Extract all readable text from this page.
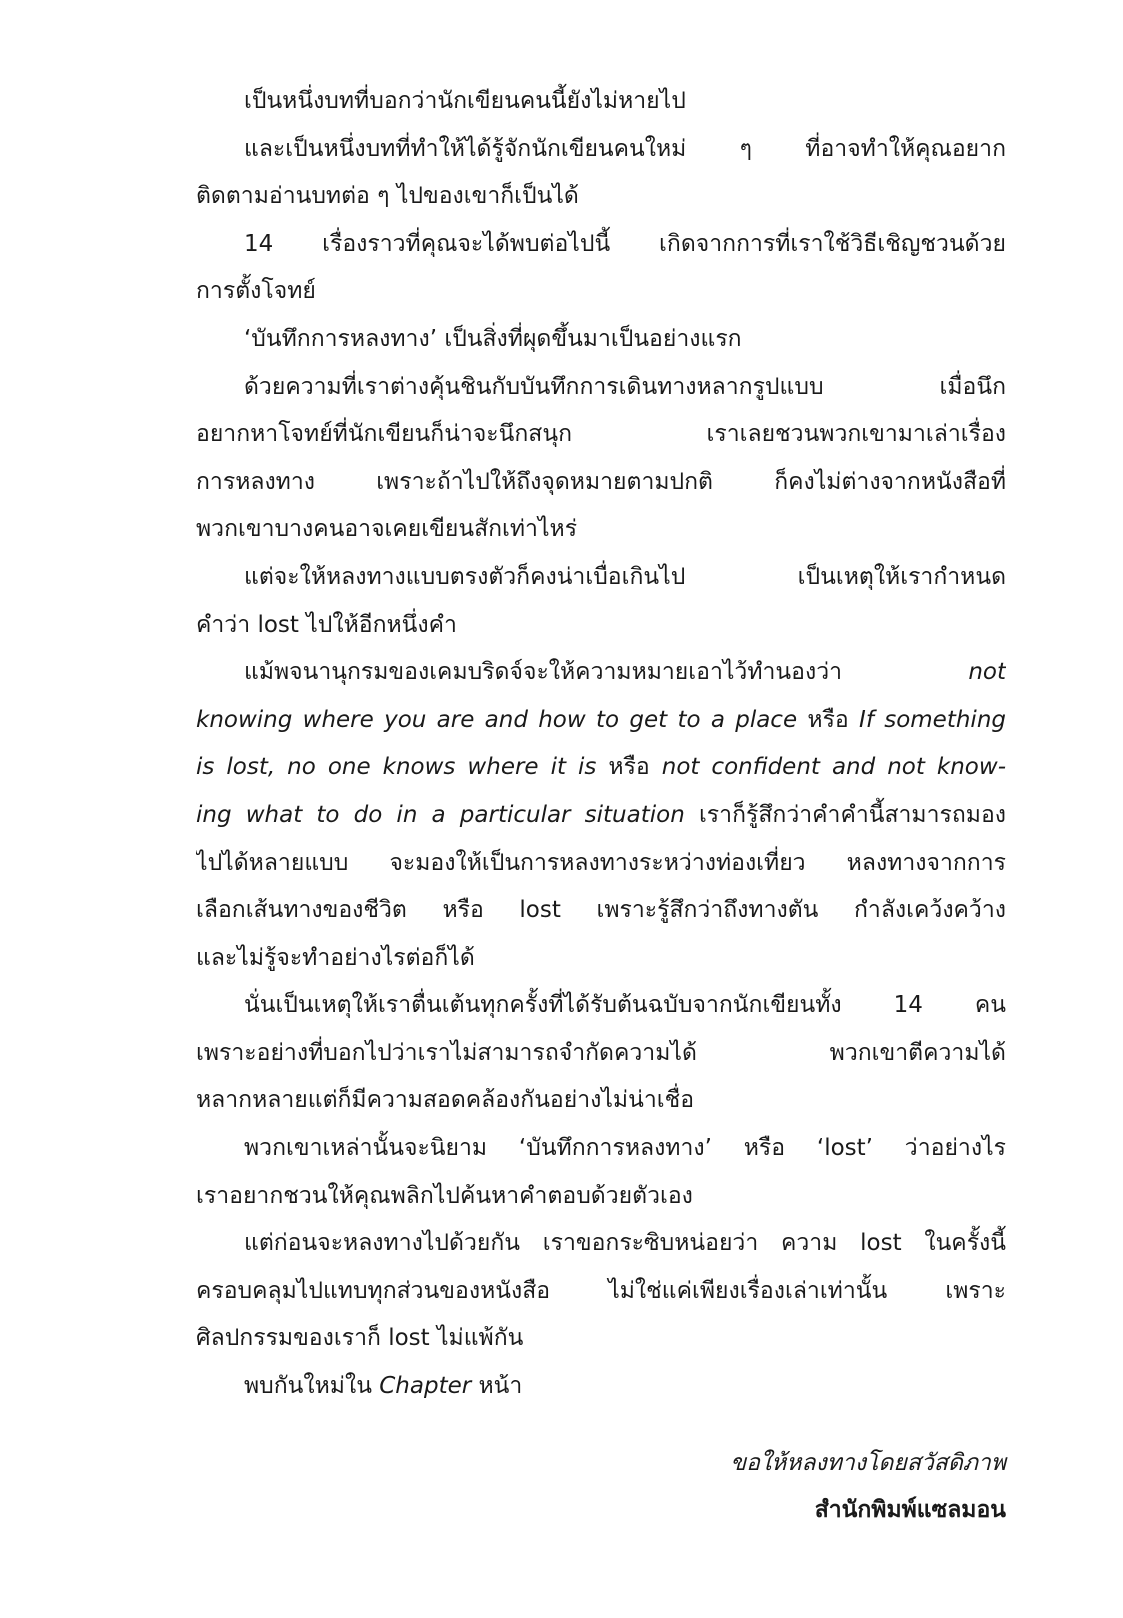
เป็นหนึ่งบทที่บอกว่านักเขียนคนนี้ยังไม่หายไป
และเป็นหนึ่งบทที่ทำให้ได้รู้จักนักเขียนคนใหม่ ๆ ที่อาจทำให้คุณอยาก
ติดตามอ่านบทต่อ ๆ ไปของเขาก็เป็นได้
14 เรื่องราวที่คุณจะได้พบต่อไปนี้ เกิดจากการที่เราใช้วิธีเชิญชวนด้วย
การตั้งโจทย์
‘บันทึกการหลงทาง’ เป็นสิ่งที่ผุดขึ้นมาเป็นอย่างแรก
ด้วยความที่เราต่างคุ้นชินกับบันทึกการเดินทางหลากรูปแบบ เมื่อนึก
อยากหาโจทย์ที่นักเขียนก็น่าจะนึกสนุก เราเลยชวนพวกเขามาเล่าเรื่อง
การหลงทาง เพราะถ้าไปให้ถึงจุดหมายตามปกติ ก็คงไม่ต่างจากหนังสือที่
พวกเขาบางคนอาจเคยเขียนสักเท่าไหร่
แต่จะให้หลงทางแบบตรงตัวก็คงน่าเบื่อเกินไป เป็นเหตุให้เรากำหนด
คำว่า lost ไปให้อีกหนึ่งคำ
แม้พจนานุกรมของเคมบริดจ์จะให้ความหมายเอาไว้ทำนองว่า not
knowing where you are and how to get to a place หรือ If something
is lost, no one knows where it is หรือ not confident and not know-
ing what to do in a particular situation เราก็รู้สึกว่าคำคำนี้สามารถมอง
ไปได้หลายแบบ จะมองให้เป็นการหลงทางระหว่างท่องเที่ยว หลงทางจากการ
เลือกเส้นทางของชีวิต หรือ lost เพราะรู้สึกว่าถึงทางตัน กำลังเคว้งคว้าง
และไม่รู้จะทำอย่างไรต่อก็ได้
นั่นเป็นเหตุให้เราตื่นเต้นทุกครั้งที่ได้รับต้นฉบับจากนักเขียนทั้ง 14 คน
เพราะอย่างที่บอกไปว่าเราไม่สามารถจำกัดความได้ พวกเขาตีความได้
หลากหลายแต่ก็มีความสอดคล้องกันอย่างไม่น่าเชื่อ
พวกเขาเหล่านั้นจะนิยาม ‘บันทึกการหลงทาง’ หรือ ‘lost’ ว่าอย่างไร
เราอยากชวนให้คุณพลิกไปค้นหาคำตอบด้วยตัวเอง
แต่ก่อนจะหลงทางไปด้วยกัน เราขอกระซิบหน่อยว่า ความ lost ในครั้งนี้
ครอบคลุมไปแทบทุกส่วนของหนังสือ ไม่ใช่แค่เพียงเรื่องเล่าเท่านั้น เพราะ
ศิลปกรรมของเราก็ lost ไม่แพ้กัน
พบกันใหม่ใน Chapter หน้า
ขอให้หลงทางโดยสวัสดิภาพ
สำนักพิมพ์แซลมอน
